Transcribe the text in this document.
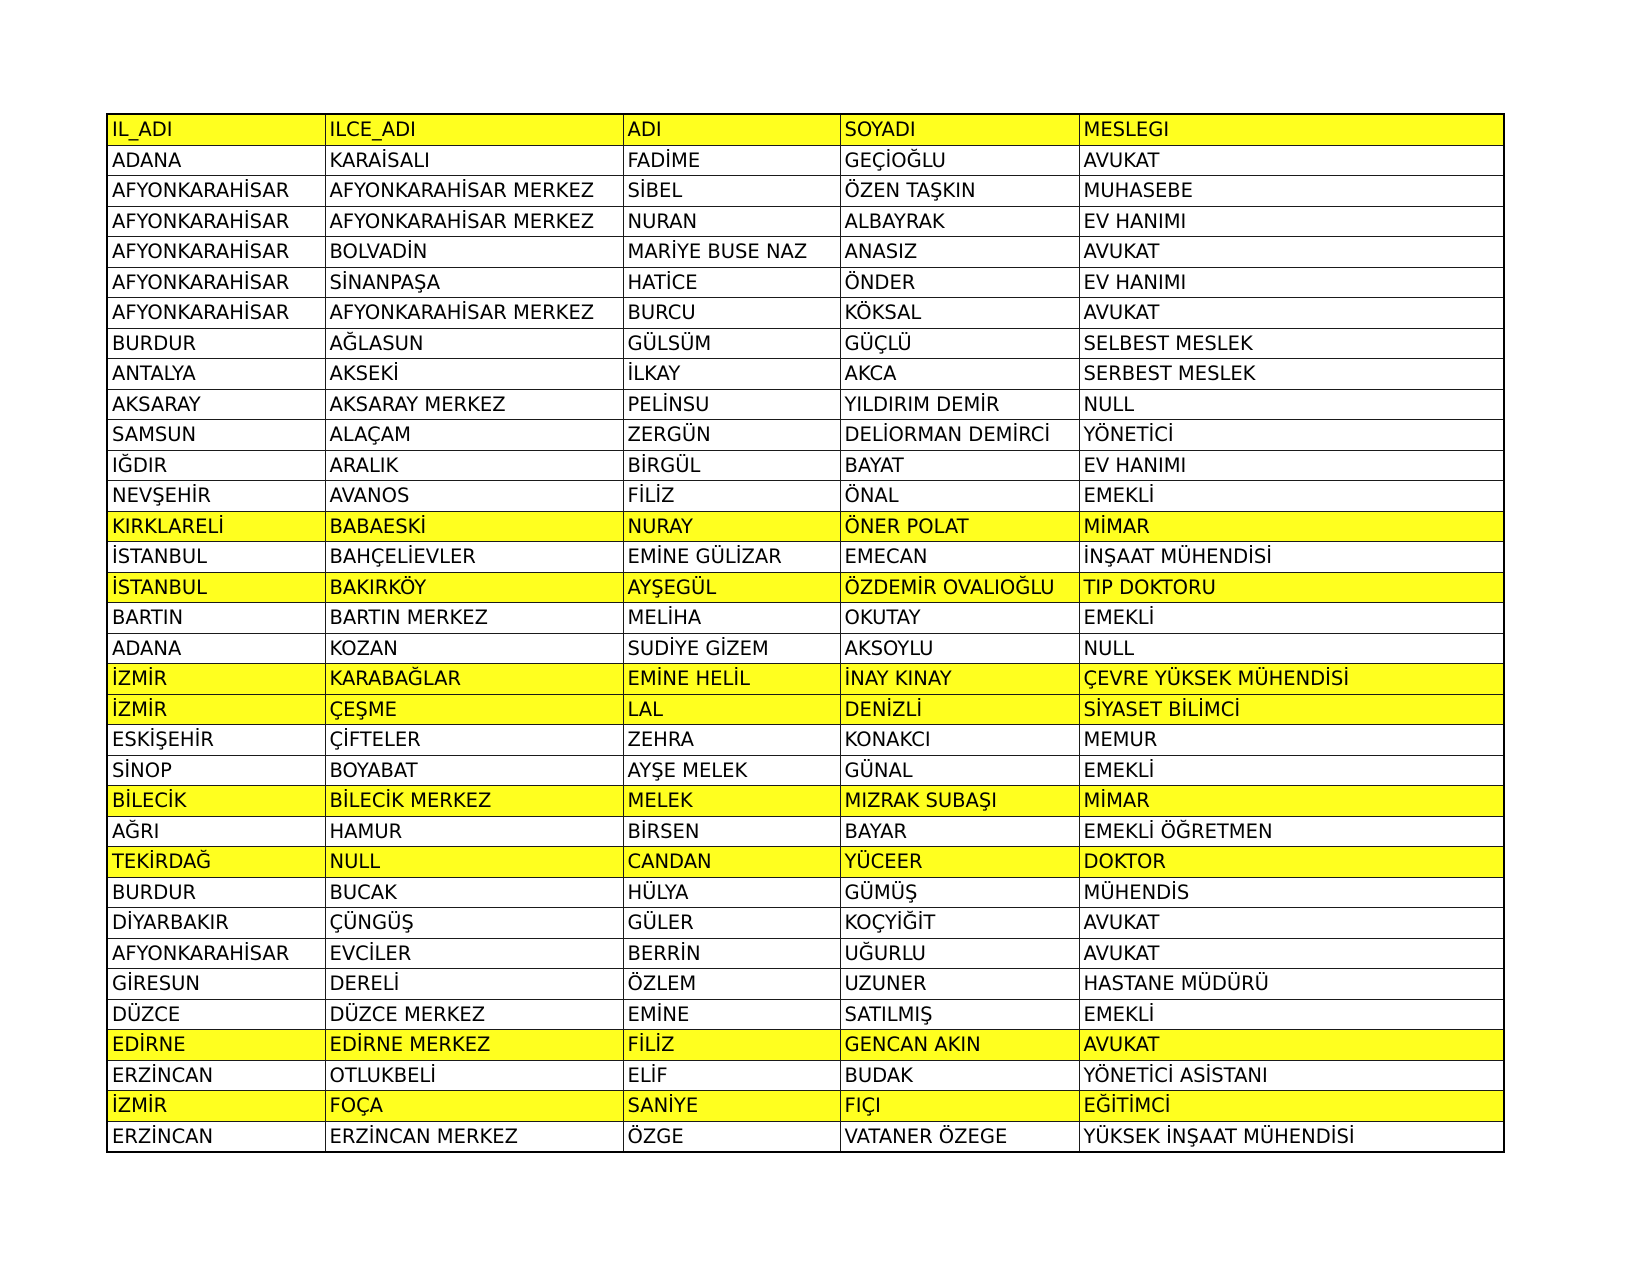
IL_ADI	ILCE_ADI	ADI	SOYADI	MESLEGI
ADANA	KARAİSALI	FADİME	GEÇİOĞLU	AVUKAT
AFYONKARAHİSAR	AFYONKARAHİSAR MERKEZ	SİBEL	ÖZEN TAŞKIN	MUHASEBE
AFYONKARAHİSAR	AFYONKARAHİSAR MERKEZ	NURAN	ALBAYRAK	EV HANIMI
AFYONKARAHİSAR	BOLVADİN	MARİYE BUSE NAZ	ANASIZ	AVUKAT
AFYONKARAHİSAR	SİNANPAŞA	HATİCE	ÖNDER	EV HANIMI
AFYONKARAHİSAR	AFYONKARAHİSAR MERKEZ	BURCU	KÖKSAL	AVUKAT
BURDUR	AĞLASUN	GÜLSÜM	GÜÇLÜ	SELBEST MESLEK
ANTALYA	AKSEKİ	İLKAY	AKCA	SERBEST MESLEK
AKSARAY	AKSARAY MERKEZ	PELİNSU	YILDIRIM DEMİR	NULL
SAMSUN	ALAÇAM	ZERGÜN	DELİORMAN DEMİRCİ	YÖNETİCİ
IĞDIR	ARALIK	BİRGÜL	BAYAT	EV HANIMI
NEVŞEHİR	AVANOS	FİLİZ	ÖNAL	EMEKLİ
KIRKLARELİ	BABAESKİ	NURAY	ÖNER POLAT	MİMAR
İSTANBUL	BAHÇELİEVLER	EMİNE GÜLİZAR	EMECAN	İNŞAAT MÜHENDİSİ
İSTANBUL	BAKIRKÖY	AYŞEGÜL	ÖZDEMİR OVALIOĞLU	TIP DOKTORU
BARTIN	BARTIN MERKEZ	MELİHA	OKUTAY	EMEKLİ
ADANA	KOZAN	SUDİYE GİZEM	AKSOYLU	NULL
İZMİR	KARABAĞLAR	EMİNE HELİL	İNAY KINAY	ÇEVRE YÜKSEK MÜHENDİSİ
İZMİR	ÇEŞME	LAL	DENİZLİ	SİYASET BİLİMCİ
ESKİŞEHİR	ÇİFTELER	ZEHRA	KONAKCI	MEMUR
SİNOP	BOYABAT	AYŞE MELEK	GÜNAL	EMEKLİ
BİLECİK	BİLECİK MERKEZ	MELEK	MIZRAK SUBAŞI	MİMAR
AĞRI	HAMUR	BİRSEN	BAYAR	EMEKLİ ÖĞRETMEN
TEKİRDAĞ	NULL	CANDAN	YÜCEER	DOKTOR
BURDUR	BUCAK	HÜLYA	GÜMÜŞ	MÜHENDİS
DİYARBAKIR	ÇÜNGÜŞ	GÜLER	KOÇYİĞİT	AVUKAT
AFYONKARAHİSAR	EVCİLER	BERRİN	UĞURLU	AVUKAT
GİRESUN	DERELİ	ÖZLEM	UZUNER	HASTANE MÜDÜRÜ
DÜZCE	DÜZCE MERKEZ	EMİNE	SATILMIŞ	EMEKLİ
EDİRNE	EDİRNE MERKEZ	FİLİZ	GENCAN AKIN	AVUKAT
ERZİNCAN	OTLUKBELİ	ELİF	BUDAK	YÖNETİCİ ASİSTANI
İZMİR	FOÇA	SANİYE	FIÇI	EĞİTİMCİ
ERZİNCAN	ERZİNCAN MERKEZ	ÖZGE	VATANER ÖZEGE	YÜKSEK İNŞAAT MÜHENDİSİ
